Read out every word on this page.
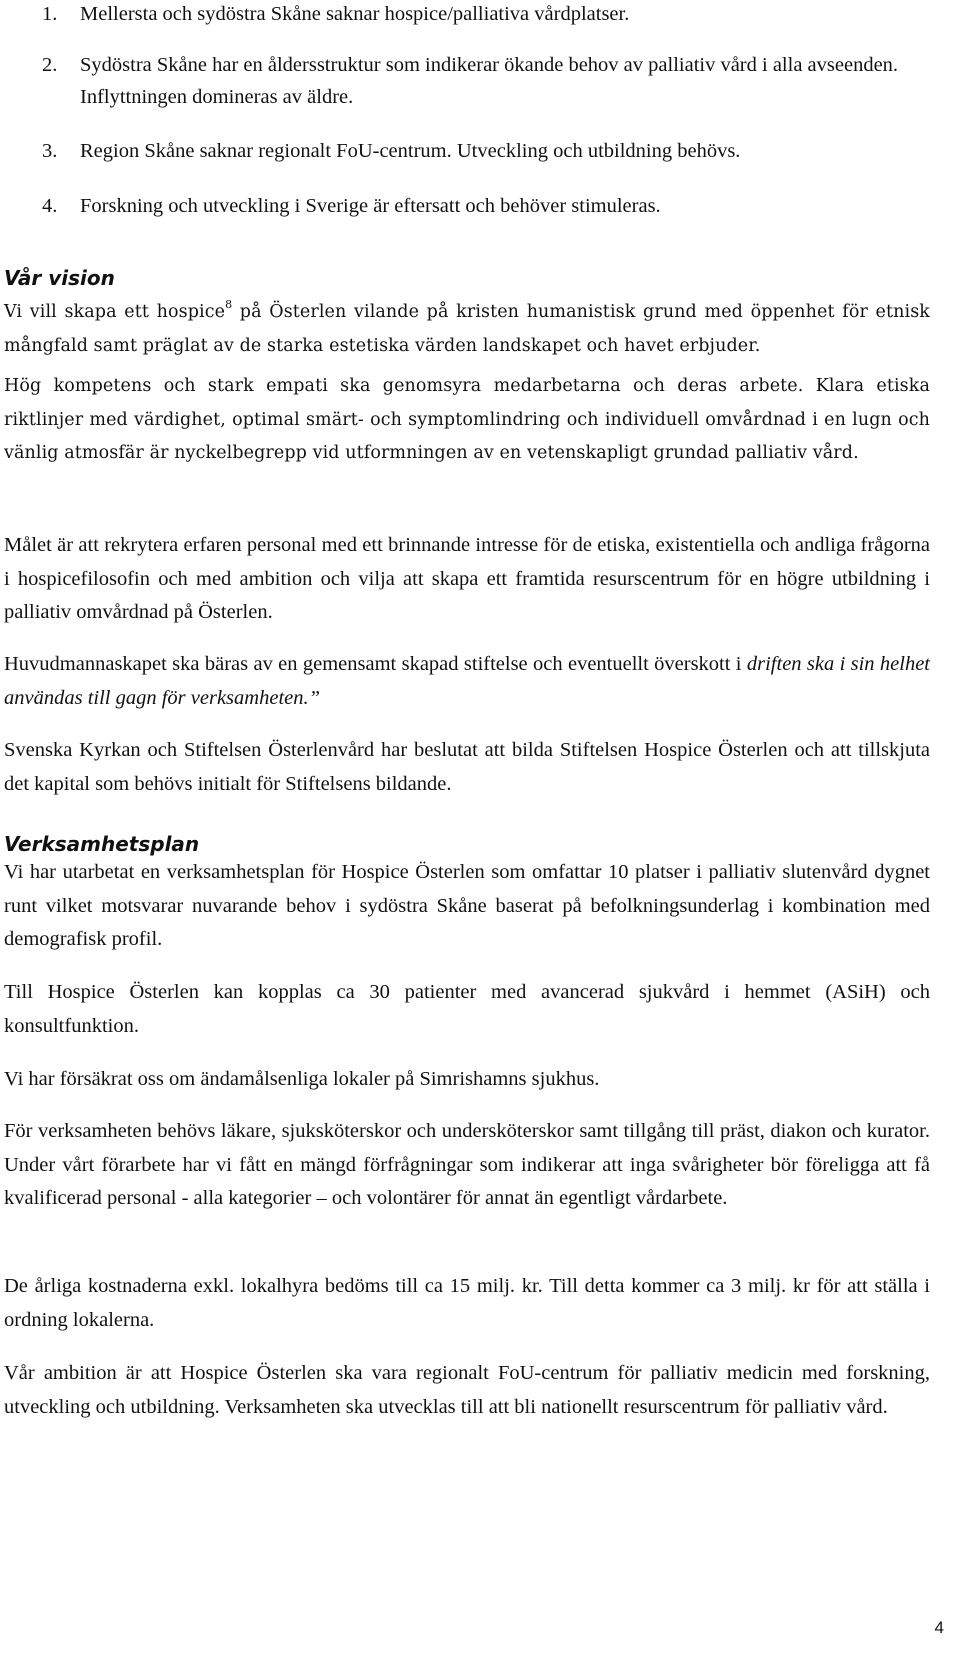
1. Mellersta och sydöstra Skåne saknar hospice/palliativa vårdplatser.
2. Sydöstra Skåne har en åldersstruktur som indikerar ökande behov av palliativ vård i alla avseenden. Inflyttningen domineras av äldre.
3. Region Skåne saknar regionalt FoU-centrum. Utveckling och utbildning behövs.
4. Forskning och utveckling i Sverige är eftersatt och behöver stimuleras.
Vår vision
Vi vill skapa ett hospice$^8$ på Österlen vilande på kristen humanistisk grund med öppenhet för etnisk mångfald samt präglat av de starka estetiska värden landskapet och havet erbjuder.
Hög kompetens och stark empati ska genomsyra medarbetarna och deras arbete. Klara etiska riktlinjer med värdighet, optimal smärt- och symptomlindring och individuell omvårdnad i en lugn och vänlig atmosfär är nyckelbegrepp vid utformningen av en vetenskapligt grundad palliativ vård.
Målet är att rekrytera erfaren personal med ett brinnande intresse för de etiska, existentiella och andliga frågorna i hospicefilosofin och med ambition och vilja att skapa ett framtida resurscentrum för en högre utbildning i palliativ omvårdnad på Österlen.
Huvudmannaskapet ska bäras av en gemensamt skapad stiftelse och eventuellt överskott i driften ska i sin helhet användas till gagn för verksamheten.”
Svenska Kyrkan och Stiftelsen Österlenvård har beslutat att bilda Stiftelsen Hospice Österlen och att tillskjuta det kapital som behövs initialt för Stiftelsens bildande.
Verksamhetsplan
Vi har utarbetat en verksamhetsplan för Hospice Österlen som omfattar 10 platser i palliativ slutenvård dygnet runt vilket motsvarar nuvarande behov i sydöstra Skåne baserat på befolkningsunderlag i kombination med demografisk profil.
Till Hospice Österlen kan kopplas ca 30 patienter med avancerad sjukvård i hemmet (ASiH) och konsultfunktion.
Vi har försäkrat oss om ändamålsenliga lokaler på Simrishamns sjukhus.
För verksamheten behövs läkare, sjuksköterskor och undersköterskor samt tillgång till präst, diakon och kurator. Under vårt förarbete har vi fått en mängd förfrågningar som indikerar att inga svårigheter bör föreligga att få kvalificerad personal - alla kategorier – och volontärer för annat än egentligt vårdarbete.
De årliga kostnaderna exkl. lokalhyra bedöms till ca 15 milj. kr. Till detta kommer ca 3 milj. kr för att ställa i ordning lokalerna.
Vår ambition är att Hospice Österlen ska vara regionalt FoU-centrum för palliativ medicin med forskning, utveckling och utbildning. Verksamheten ska utvecklas till att bli nationellt resurscentrum för palliativ vård.
4
